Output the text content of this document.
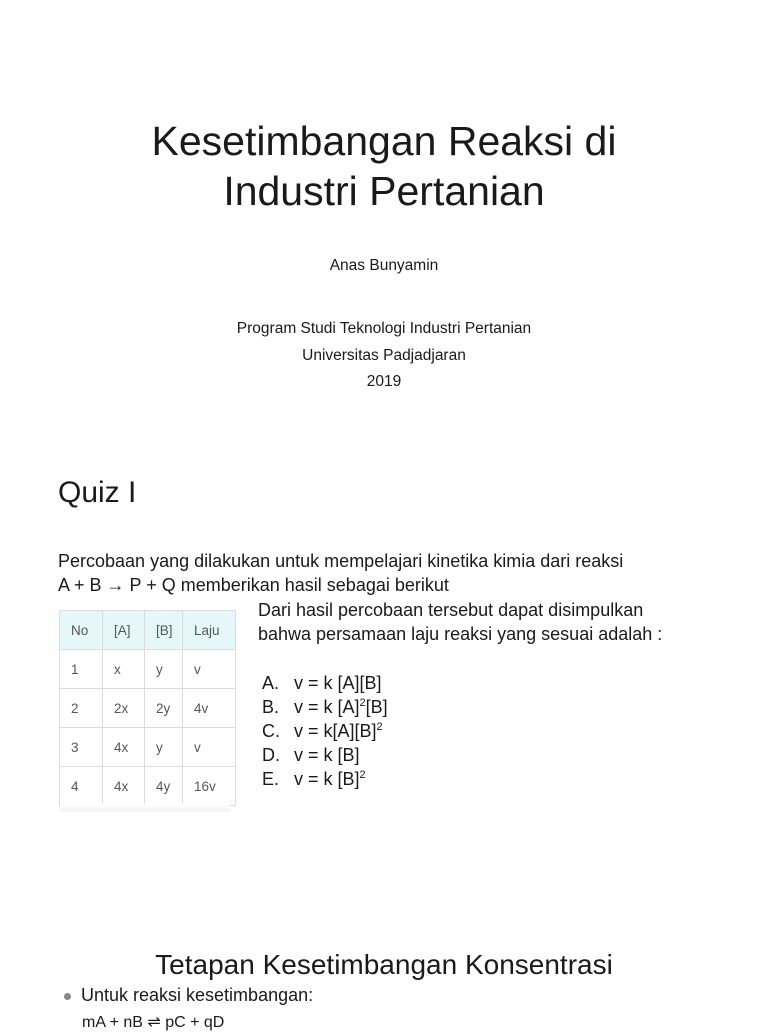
Kesetimbangan Reaksi di
Industri Pertanian

Anas Bunyamin

Program Studi Teknologi Industri Pertanian
Universitas Padjadjaran
2019
Quiz I
Percobaan yang dilakukan untuk mempelajari kinetika kimia dari reaksi
A + B → P + Q memberikan hasil sebagai berikut
No	[A]	[B]	Laju
1	x	y	v
2	2x	2y	4v
3	4x	y	v
4	4x	4y	16v
Dari hasil percobaan tersebut dapat disimpulkan
bahwa persamaan laju reaksi yang sesuai adalah :
A. v = k [A][B]
B. v = k $[A]^2[B]$
C. $v = k[A][B]^2$
D. v = k [B]
E. v = k $[B]^2$
Tetapan Kesetimbangan Konsentrasi
Untuk reaksi kesetimbangan:
mA + nB ⇌ pC + qD
